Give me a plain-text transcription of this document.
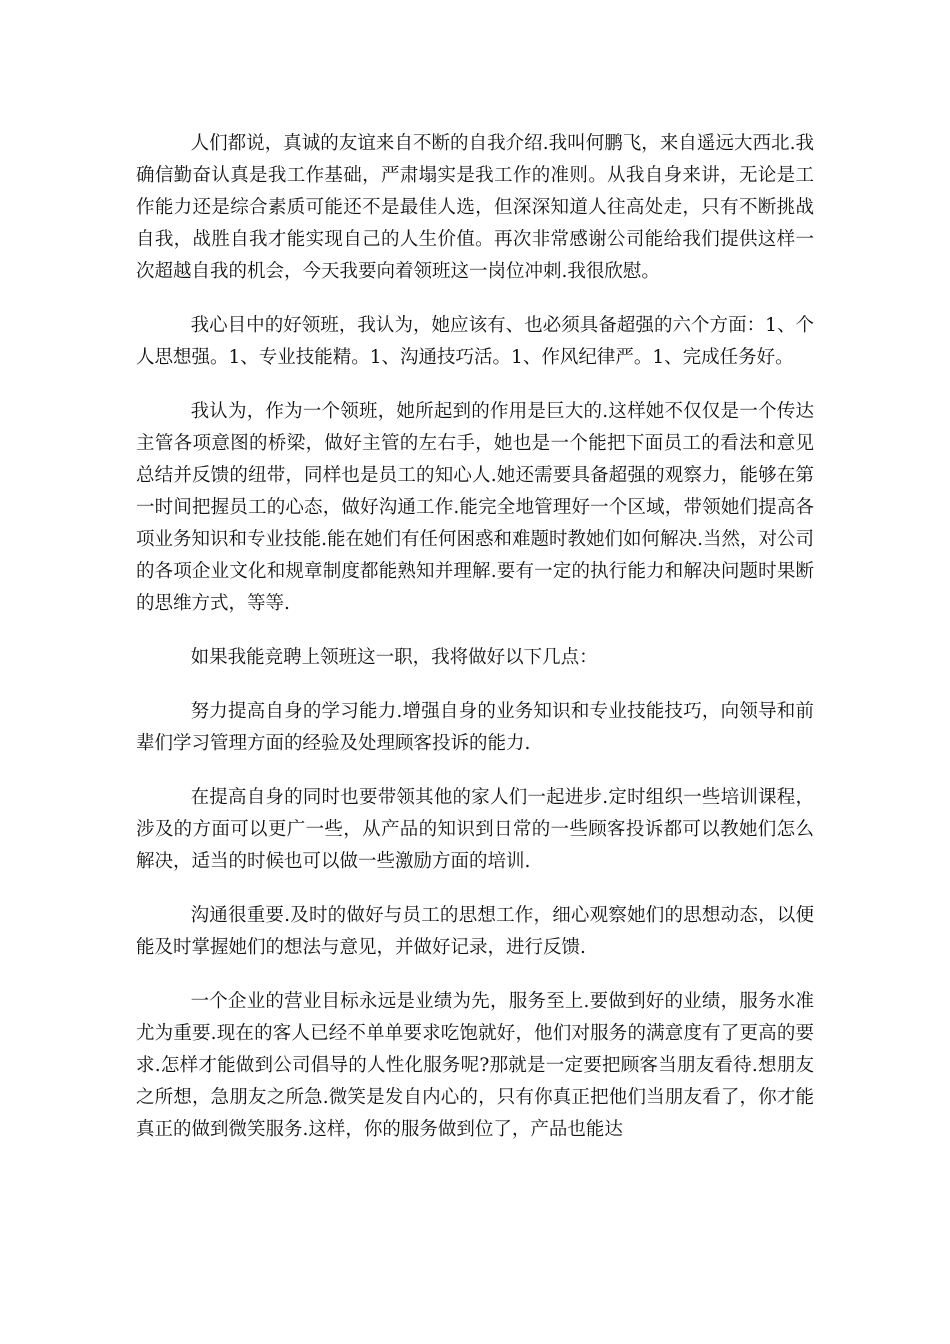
人们都说，真诚的友谊来自不断的自我介绍.我叫何鹏飞，来自遥远大西北.我确信勤奋认真是我工作基础，严肃塌实是我工作的准则。从我自身来讲，无论是工作能力还是综合素质可能还不是最佳人选，但深深知道人往高处走，只有不断挑战自我，战胜自我才能实现自己的人生价值。再次非常感谢公司能给我们提供这样一次超越自我的机会，今天我要向着领班这一岗位冲刺.我很欣慰。

我心目中的好领班，我认为，她应该有、也必须具备超强的六个方面：1、个人思想强。1、专业技能精。1、沟通技巧活。1、作风纪律严。1、完成任务好。

我认为，作为一个领班，她所起到的作用是巨大的.这样她不仅仅是一个传达主管各项意图的桥梁，做好主管的左右手，她也是一个能把下面员工的看法和意见总结并反馈的纽带，同样也是员工的知心人.她还需要具备超强的观察力，能够在第一时间把握员工的心态，做好沟通工作.能完全地管理好一个区域，带领她们提高各项业务知识和专业技能.能在她们有任何困惑和难题时教她们如何解决.当然，对公司的各项企业文化和规章制度都能熟知并理解.要有一定的执行能力和解决问题时果断的思维方式，等等.

如果我能竞聘上领班这一职，我将做好以下几点：

努力提高自身的学习能力.增强自身的业务知识和专业技能技巧，向领导和前辈们学习管理方面的经验及处理顾客投诉的能力.

在提高自身的同时也要带领其他的家人们一起进步.定时组织一些培训课程，涉及的方面可以更广一些，从产品的知识到日常的一些顾客投诉都可以教她们怎么解决，适当的时候也可以做一些激励方面的培训.

沟通很重要.及时的做好与员工的思想工作，细心观察她们的思想动态，以便能及时掌握她们的想法与意见，并做好记录，进行反馈.

一个企业的营业目标永远是业绩为先，服务至上.要做到好的业绩，服务水准尤为重要.现在的客人已经不单单要求吃饱就好，他们对服务的满意度有了更高的要求.怎样才能做到公司倡导的人性化服务呢?那就是一定要把顾客当朋友看待.想朋友之所想，急朋友之所急.微笑是发自内心的，只有你真正把他们当朋友看了，你才能真正的做到微笑服务.这样，你的服务做到位了，产品也能达
